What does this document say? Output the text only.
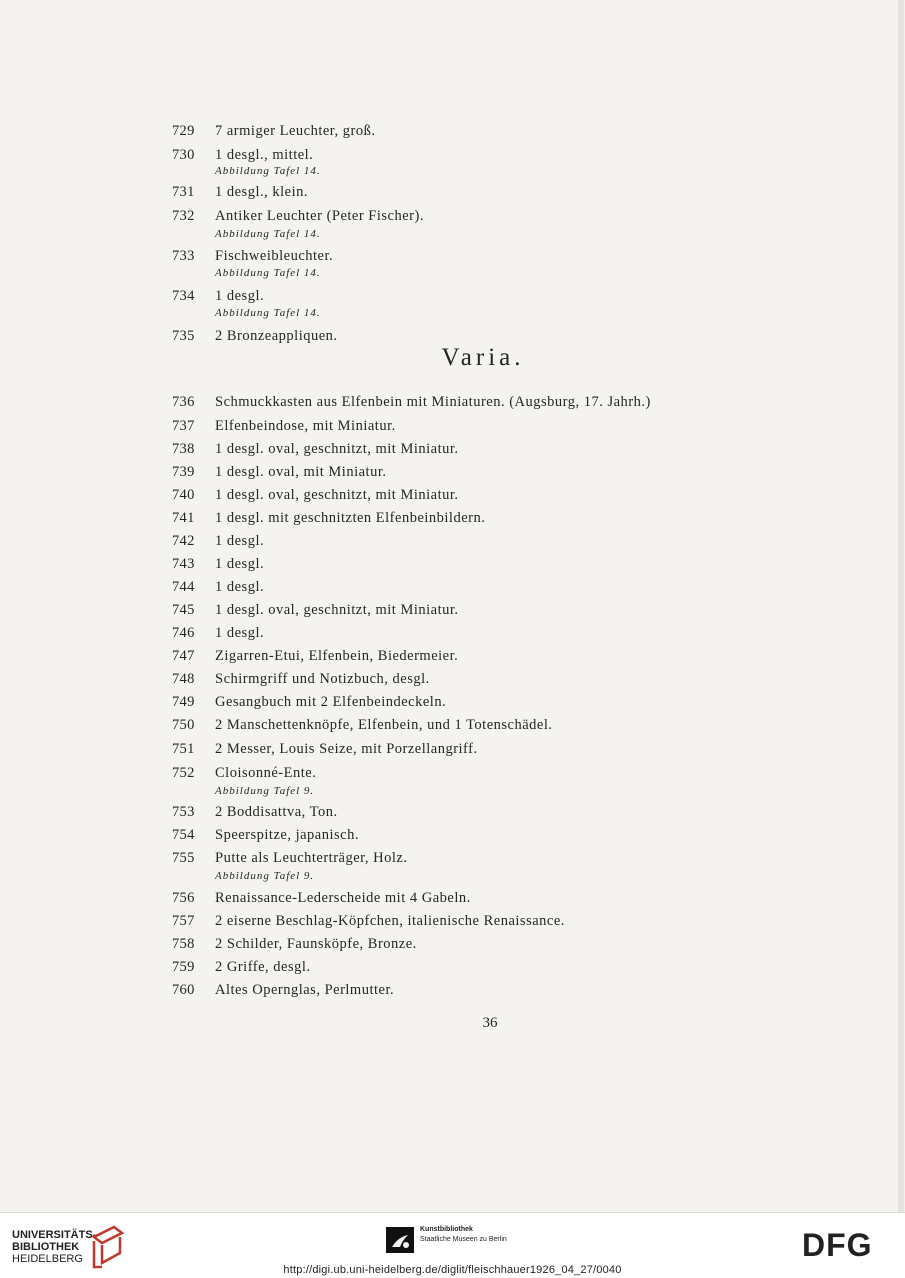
729 7 armiger Leuchter, groß.
730 1 desgl., mittel.
Abbildung Tafel 14.
731 1 desgl., klein.
732 Antiker Leuchter (Peter Fischer).
Abbildung Tafel 14.
733 Fischweibleuchter.
Abbildung Tafel 14.
734 1 desgl.
Abbildung Tafel 14.
735 2 Bronzeappliquen.
Varia.
736 Schmuckkasten aus Elfenbein mit Miniaturen. (Augsburg, 17. Jahrh.)
737 Elfenbeindose, mit Miniatur.
738 1 desgl. oval, geschnitzt, mit Miniatur.
739 1 desgl. oval, mit Miniatur.
740 1 desgl. oval, geschnitzt, mit Miniatur.
741 1 desgl. mit geschnitzten Elfenbeinbildern.
742 1 desgl.
743 1 desgl.
744 1 desgl.
745 1 desgl. oval, geschnitzt, mit Miniatur.
746 1 desgl.
747 Zigarren-Etui, Elfenbein, Biedermeier.
748 Schirmgriff und Notizbuch, desgl.
749 Gesangbuch mit 2 Elfenbeindeckeln.
750 2 Manschettenknöpfe, Elfenbein, und 1 Totenschädel.
751 2 Messer, Louis Seize, mit Porzellangriff.
752 Cloisonné-Ente.
Abbildung Tafel 9.
753 2 Boddisattva, Ton.
754 Speerspitze, japanisch.
755 Putte als Leuchterträger, Holz.
Abbildung Tafel 9.
756 Renaissance-Lederscheide mit 4 Gabeln.
757 2 eiserne Beschlag-Köpfchen, italienische Renaissance.
758 2 Schilder, Faunsköpfe, Bronze.
759 2 Griffe, desgl.
760 Altes Opernglas, Perlmutter.
36
UNIVERSITÄTS-
BIBLIOTHEK
HEIDELBERG
Kunstbibliothek
Staatliche Museen zu Berlin	DFG
http://digi.ub.uni-heidelberg.de/diglit/fleischhauer1926_04_27/0040
